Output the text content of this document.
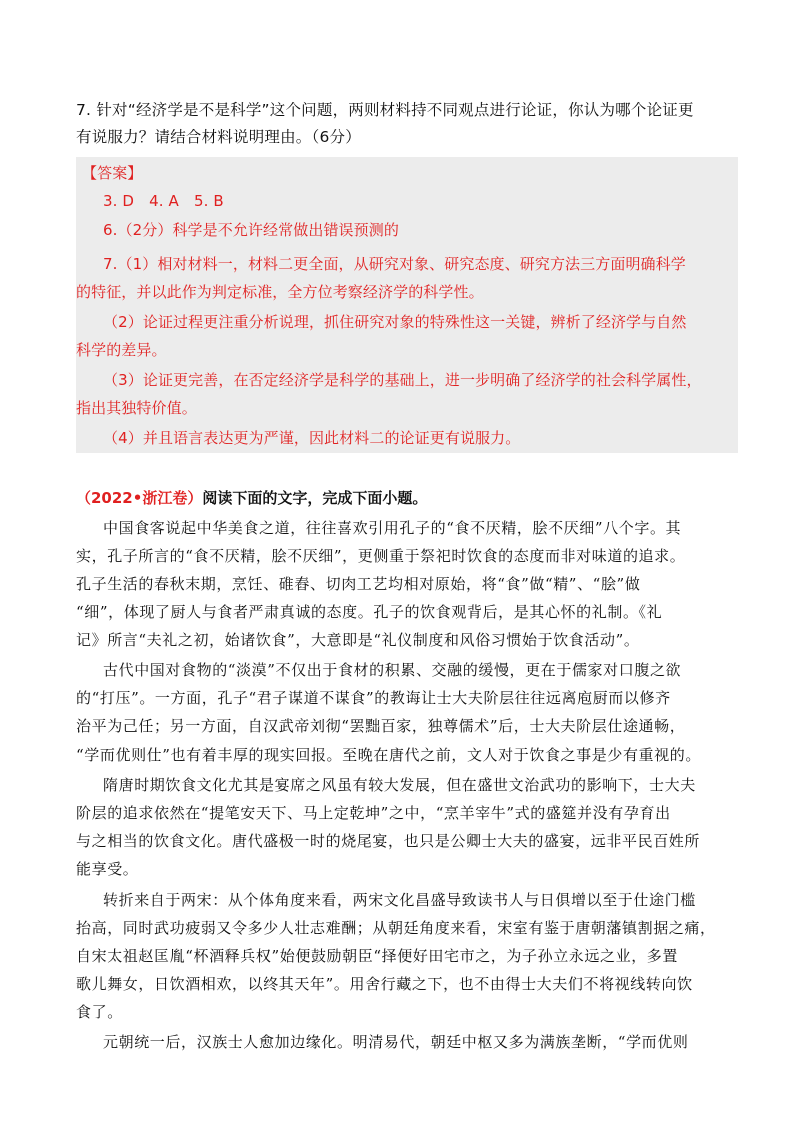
7. 针对“经济学是不是科学”这个问题，两则材料持不同观点进行论证，你认为哪个论证更
有说服力？请结合材料说明理由。（6分）
【答案】
3. D　4. A　5. B
6.（2分）科学是不允许经常做出错误预测的
7.（1）相对材料一，材料二更全面，从研究对象、研究态度、研究方法三方面明确科学
的特征，并以此作为判定标准，全方位考察经济学的科学性。
（2）论证过程更注重分析说理，抓住研究对象的特殊性这一关键，辨析了经济学与自然
科学的差异。
（3）论证更完善，在否定经济学是科学的基础上，进一步明确了经济学的社会科学属性，
指出其独特价值。
（4）并且语言表达更为严谨，因此材料二的论证更有说服力。
（2022•浙江卷）阅读下面的文字，完成下面小题。
中国食客说起中华美食之道，往往喜欢引用孔子的“食不厌精，脍不厌细”八个字。其
实，孔子所言的“食不厌精，脍不厌细”，更侧重于祭祀时饮食的态度而非对味道的追求。
孔子生活的春秋末期，烹饪、碓舂、切肉工艺均相对原始，将“食”做“精”、“脍”做
“细”，体现了厨人与食者严肃真诚的态度。孔子的饮食观背后，是其心怀的礼制。《礼
记》所言“夫礼之初，始诸饮食”，大意即是“礼仪制度和风俗习惯始于饮食活动”。
古代中国对食物的“淡漠”不仅出于食材的积累、交融的缓慢，更在于儒家对口腹之欲
的“打压”。一方面，孔子“君子谋道不谋食”的教诲让士大夫阶层往往远离庖厨而以修齐
治平为己任；另一方面，自汉武帝刘彻“罢黜百家，独尊儒术”后，士大夫阶层仕途通畅，
“学而优则仕”也有着丰厚的现实回报。至晚在唐代之前，文人对于饮食之事是少有重视的。
隋唐时期饮食文化尤其是宴席之风虽有较大发展，但在盛世文治武功的影响下，士大夫
阶层的追求依然在“提笔安天下、马上定乾坤”之中，“烹羊宰牛”式的盛筵并没有孕育出
与之相当的饮食文化。唐代盛极一时的烧尾宴，也只是公卿士大夫的盛宴，远非平民百姓所
能享受。
转折来自于两宋：从个体角度来看，两宋文化昌盛导致读书人与日俱增以至于仕途门槛
抬高，同时武功疲弱又令多少人壮志难酬；从朝廷角度来看，宋室有鉴于唐朝藩镇割据之痛，
自宋太祖赵匡胤“杯酒释兵权”始便鼓励朝臣“择便好田宅市之，为子孙立永远之业，多置
歌儿舞女，日饮酒相欢，以终其天年”。用舍行藏之下，也不由得士大夫们不将视线转向饮
食了。
元朝统一后，汉族士人愈加边缘化。明清易代，朝廷中枢又多为满族垄断，“学而优则
